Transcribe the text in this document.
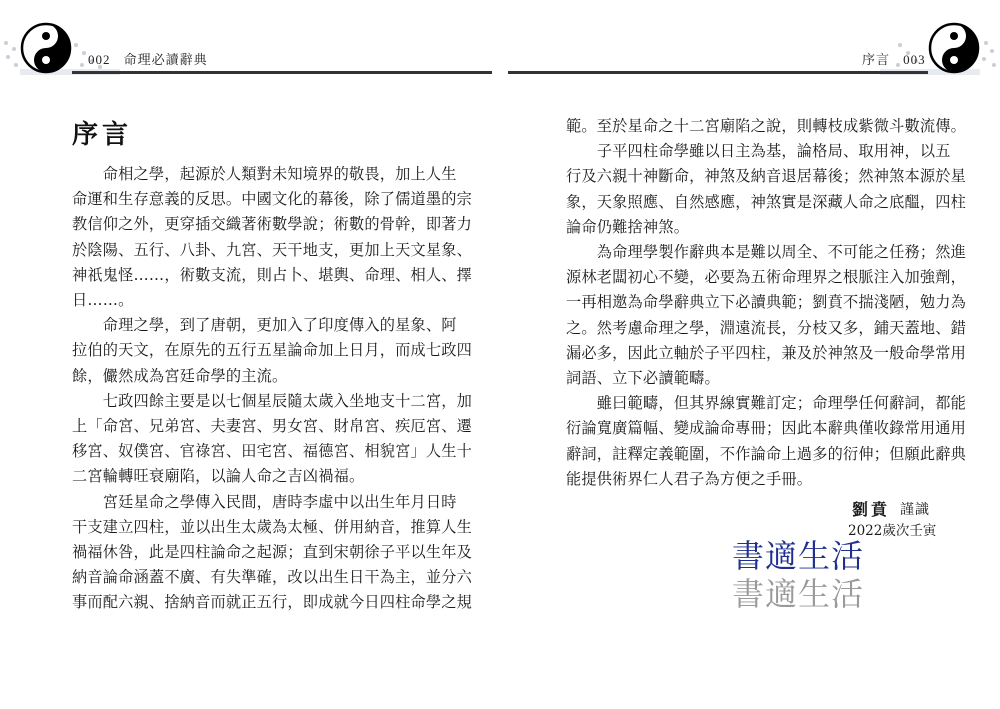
002 命理必讀辭典	序言 003
序言
　　命相之學，起源於人類對未知境界的敬畏，加上人生
命運和生存意義的反思。中國文化的幕後，除了儒道墨的宗
教信仰之外，更穿插交織著術數學說；術數的骨幹，即著力
於陰陽、五行、八卦、九宮、天干地支，更加上天文星象、
神祇鬼怪……，術數支流，則占卜、堪輿、命理、相人、擇
日……。
　　命理之學，到了唐朝，更加入了印度傳入的星象、阿
拉伯的天文，在原先的五行五星論命加上日月，而成七政四
餘，儼然成為宮廷命學的主流。
　　七政四餘主要是以七個星辰隨太歲入坐地支十二宮，加
上「命宮、兄弟宮、夫妻宮、男女宮、財帛宮、疾厄宮、遷
移宮、奴僕宮、官祿宮、田宅宮、福德宮、相貌宮」人生十
二宮輪轉旺衰廟陷，以論人命之吉凶禍福。
　　宮廷星命之學傳入民間，唐時李虛中以出生年月日時
干支建立四柱，並以出生太歲為太極、併用納音，推算人生
禍福休咎，此是四柱論命之起源；直到宋朝徐子平以生年及
納音論命涵蓋不廣、有失準確，改以出生日干為主，並分六
事而配六親、捨納音而就正五行，即成就今日四柱命學之規
範。至於星命之十二宮廟陷之說，則轉枝成紫微斗數流傳。
　　子平四柱命學雖以日主為基，論格局、取用神，以五
行及六親十神斷命，神煞及納音退居幕後；然神煞本源於星
象，天象照應、自然感應，神煞實是深藏人命之底醞，四柱
論命仍難捨神煞。
　　為命理學製作辭典本是難以周全、不可能之任務；然進
源林老闆初心不變，必要為五術命理界之根脈注入加強劑，
一再相邀為命學辭典立下必讀典範；劉賁不揣淺陋，勉力為
之。然考慮命理之學，淵遠流長，分枝又多，鋪天蓋地、錯
漏必多，因此立軸於子平四柱，兼及於神煞及一般命學常用
詞語、立下必讀範疇。
　　雖曰範疇，但其界線實難訂定；命理學任何辭詞，都能
衍論寬廣篇幅、變成論命專冊；因此本辭典僅收錄常用通用
辭詞，註釋定義範圍，不作論命上過多的衍伸；但願此辭典
能提供術界仁人君子為方便之手冊。
劉賁 謹識
2022歲次壬寅
書適生活
書適生活
